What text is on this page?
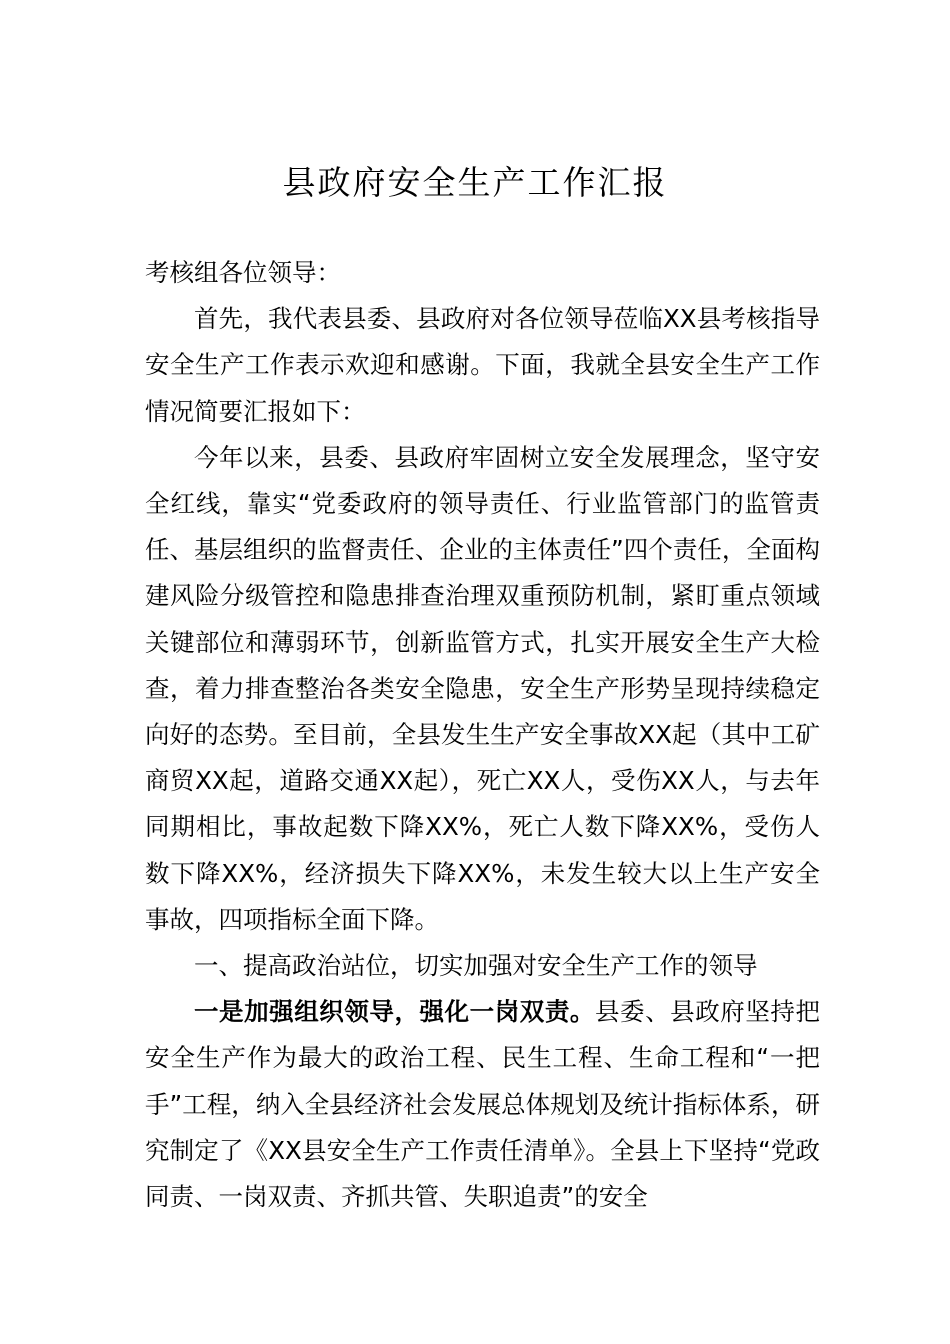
县政府安全生产工作汇报

考核组各位领导：

首先，我代表县委、县政府对各位领导莅临XX县考核指导安全生产工作表示欢迎和感谢。下面，我就全县安全生产工作情况简要汇报如下：

今年以来，县委、县政府牢固树立安全发展理念，坚守安全红线，靠实“党委政府的领导责任、行业监管部门的监管责任、基层组织的监督责任、企业的主体责任”四个责任，全面构建风险分级管控和隐患排查治理双重预防机制，紧盯重点领域关键部位和薄弱环节，创新监管方式，扎实开展安全生产大检查，着力排查整治各类安全隐患，安全生产形势呈现持续稳定向好的态势。至目前，全县发生生产安全事故XX起（其中工矿商贸XX起，道路交通XX起），死亡XX人，受伤XX人，与去年同期相比，事故起数下降XX%，死亡人数下降XX%，受伤人数下降XX%，经济损失下降XX%，未发生较大以上生产安全事故，四项指标全面下降。

一、提高政治站位，切实加强对安全生产工作的领导

一是加强组织领导，强化一岗双责。县委、县政府坚持把安全生产作为最大的政治工程、民生工程、生命工程和“一把手”工程，纳入全县经济社会发展总体规划及统计指标体系，研究制定了《XX县安全生产工作责任清单》。全县上下坚持“党政同责、一岗双责、齐抓共管、失职追责”的安全
